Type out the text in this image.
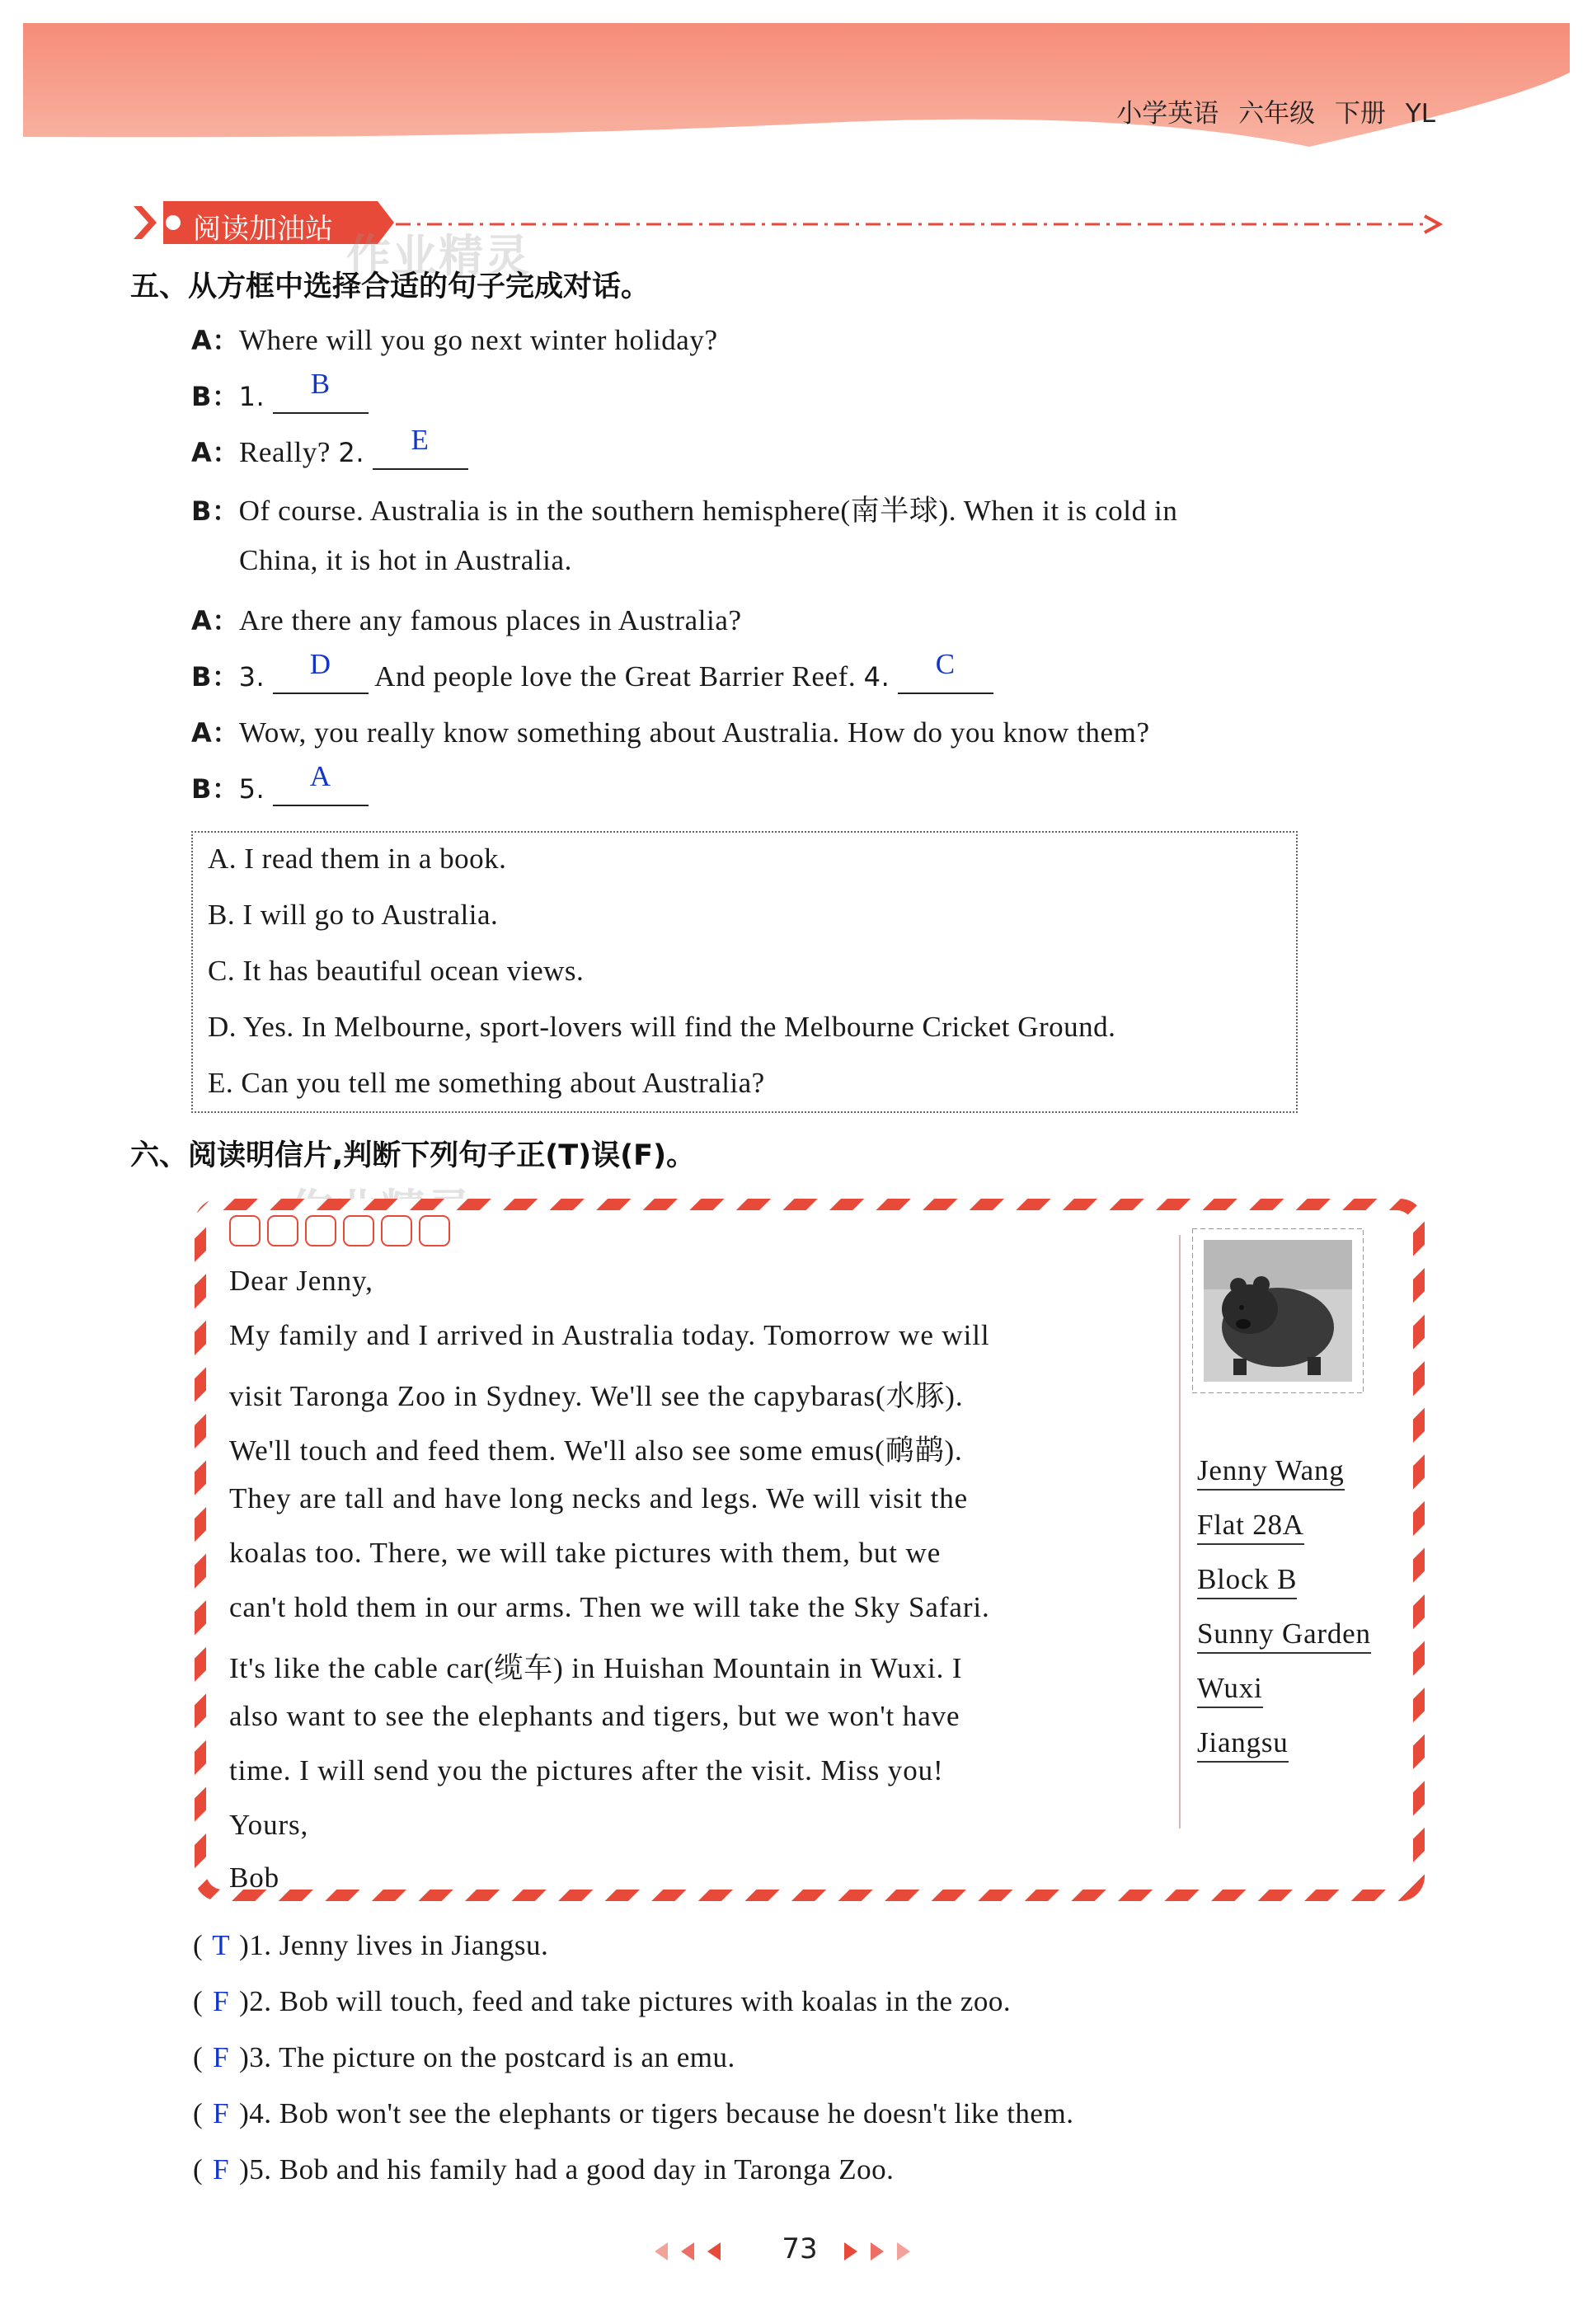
小学英语 六年级 下册 YL
阅读加油站
作业精灵
五、从方框中选择合适的句子完成对话。
A：Where will you go next winter holiday?
B：1.	B
A：Really? 2.	E
B：Of course. Australia is in the southern hemisphere(南半球). When it is cold in
China, it is hot in Australia.
A：Are there any famous places in Australia?
B：3.	D	And people love the Great Barrier Reef. 4.	C
A：Wow, you really know something about Australia. How do you know them?
B：5.	A
A. I read them in a book.
B. I will go to Australia.
C. It has beautiful ocean views.
D. Yes. In Melbourne, sport-lovers will find the Melbourne Cricket Ground.
E. Can you tell me something about Australia?
六、阅读明信片,判断下列句子正(T)误(F)。
Dear Jenny,
My family and I arrived in Australia today. Tomorrow we will
visit Taronga Zoo in Sydney. We'll see the capybaras(水豚).
We'll touch and feed them. We'll also see some emus(鸸鹋).
They are tall and have long necks and legs. We will visit the
koalas too. There, we will take pictures with them, but we
can't hold them in our arms. Then we will take the Sky Safari.
It's like the cable car(缆车) in Huishan Mountain in Wuxi. I
also want to see the elephants and tigers, but we won't have
time. I will send you the pictures after the visit. Miss you!
Yours,
Bob
Jenny Wang
Flat 28A
Block B
Sunny Garden
Wuxi
Jiangsu
( T )1. Jenny lives in Jiangsu.
( F )2. Bob will touch, feed and take pictures with koalas in the zoo.
( F )3. The picture on the postcard is an emu.
( F )4. Bob won't see the elephants or tigers because he doesn't like them.
( F )5. Bob and his family had a good day in Taronga Zoo.
73
